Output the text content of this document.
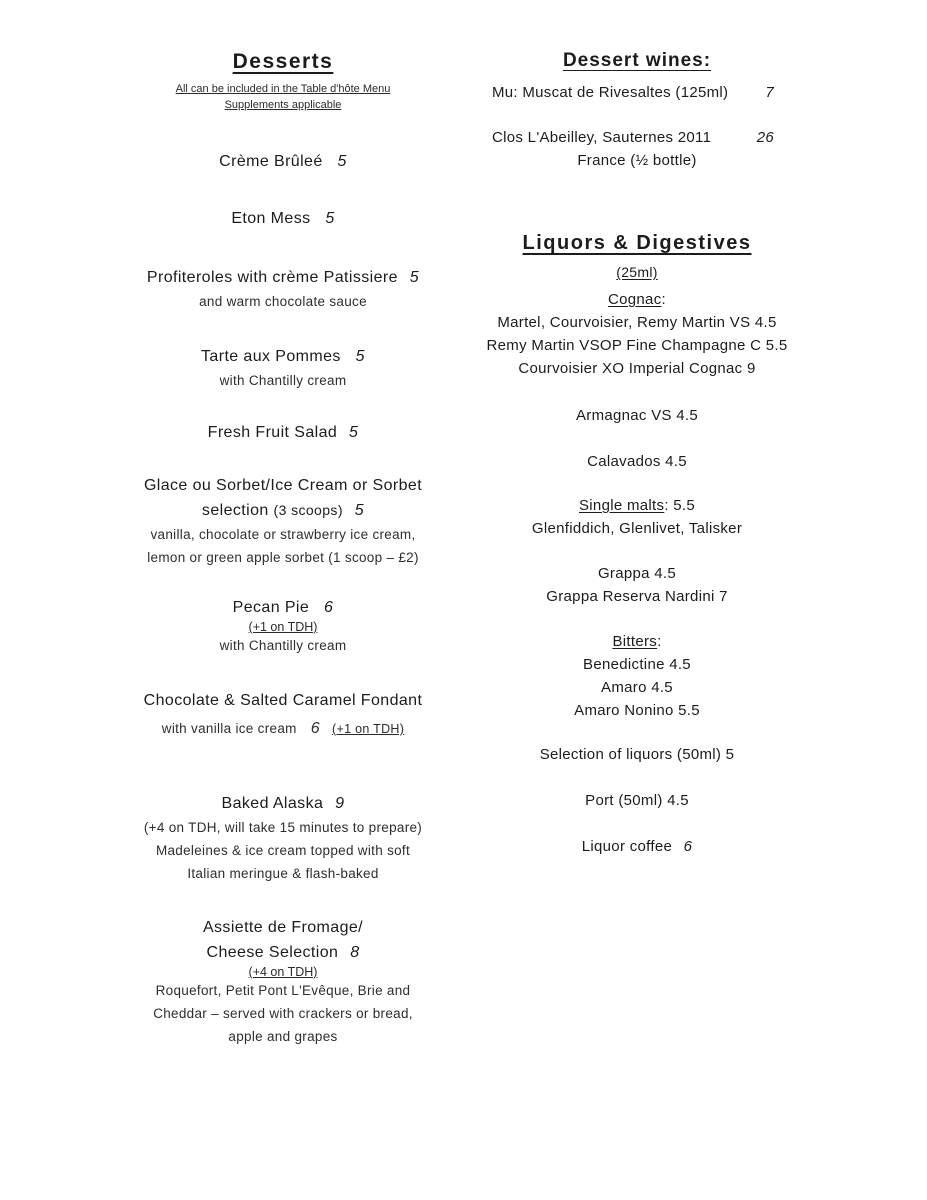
Desserts
All can be included in the Table d'hôte Menu
Supplements applicable
Crème Brûleé 5
Eton Mess 5
Profiteroles with crème Patissiere 5
and warm chocolate sauce
Tarte aux Pommes 5
with Chantilly cream
Fresh Fruit Salad 5
Glace ou Sorbet/Ice Cream or Sorbet
selection (3 scoops) 5
vanilla, chocolate or strawberry ice cream,
lemon or green apple sorbet (1 scoop – £2)
Pecan Pie 6
(+1 on TDH)
with Chantilly cream
Chocolate & Salted Caramel Fondant
with vanilla ice cream 6 (+1 on TDH)
Baked Alaska 9
(+4 on TDH, will take 15 minutes to prepare)
Madeleines & ice cream topped with soft
Italian meringue & flash-baked
Assiette de Fromage/
Cheese Selection 8
(+4 on TDH)
Roquefort, Petit Pont L'Evêque, Brie and
Cheddar – served with crackers or bread,
apple and grapes
Dessert wines:
Mu: Muscat de Rivesaltes (125ml) 7
Clos L'Abeilley, Sauternes 2011	26
France (½ bottle)
Liquors & Digestives
(25ml)
Cognac:
Martel, Courvoisier, Remy Martin VS 4.5
Remy Martin VSOP Fine Champagne C 5.5
Courvoisier XO Imperial Cognac 9
Armagnac VS 4.5
Calavados 4.5
Single malts: 5.5
Glenfiddich, Glenlivet, Talisker
Grappa 4.5
Grappa Reserva Nardini 7
Bitters:
Benedictine 4.5
Amaro 4.5
Amaro Nonino 5.5
Selection of liquors (50ml) 5
Port (50ml) 4.5
Liquor coffee 6
